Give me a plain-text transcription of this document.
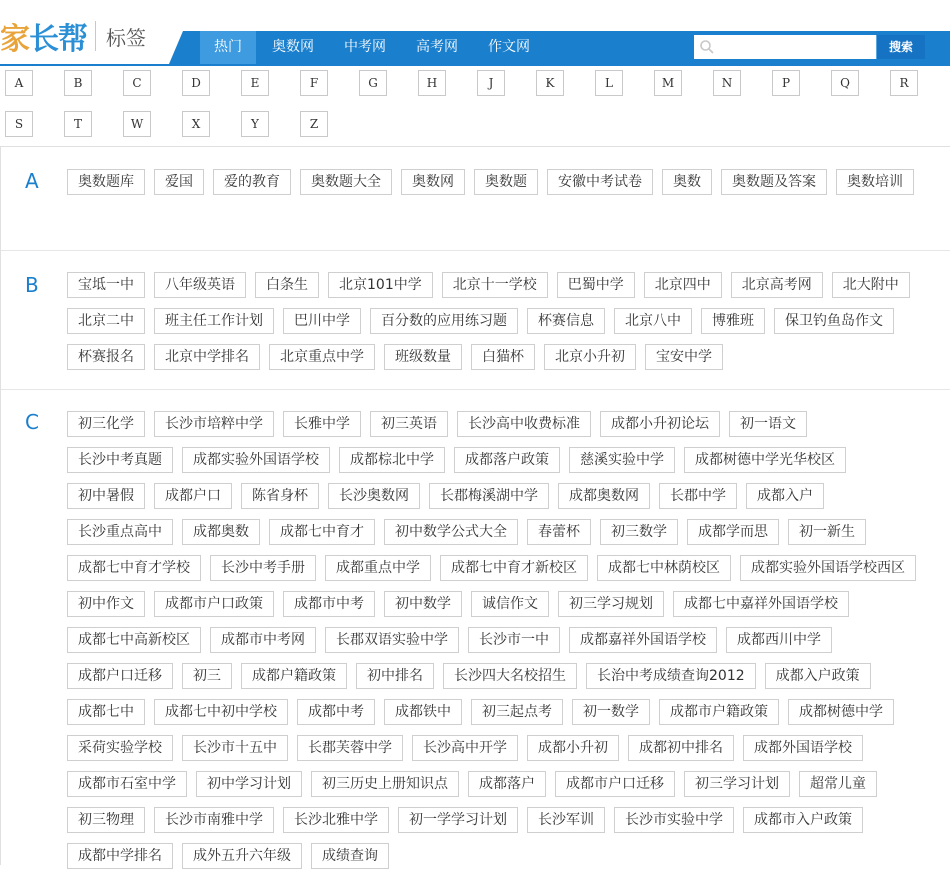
家长帮 标签	热门	奥数网	中考网	高考网	作文网	搜索
A	B	C	D	E	F	G	H	J	K	L	M	N	P	Q	R
S	T	W	X	Y	Z
A	奥数题库	爱国	爱的教育	奥数题大全	奥数网	奥数题	安徽中考试卷	奥数	奥数题及答案	奥数培训
B	宝坻一中	八年级英语	白条生	北京101中学	北京十一学校	巴蜀中学	北京四中	北京高考网	北大附中
北京二中	班主任工作计划	巴川中学	百分数的应用练习题	杯赛信息	北京八中	博雅班	保卫钓鱼岛作文
杯赛报名	北京中学排名	北京重点中学	班级数量	白猫杯	北京小升初	宝安中学
C	初三化学	长沙市培粹中学	长雅中学	初三英语	长沙高中收费标准	成都小升初论坛	初一语文
长沙中考真题	成都实验外国语学校	成都棕北中学	成都落户政策	慈溪实验中学	成都树德中学光华校区
初中暑假	成都户口	陈省身杯	长沙奥数网	长郡梅溪湖中学	成都奥数网	长郡中学	成都入户
长沙重点高中	成都奥数	成都七中育才	初中数学公式大全	春蕾杯	初三数学	成都学而思	初一新生
成都七中育才学校	长沙中考手册	成都重点中学	成都七中育才新校区	成都七中林荫校区	成都实验外国语学校西区
初中作文	成都市户口政策	成都市中考	初中数学	诚信作文	初三学习规划	成都七中嘉祥外国语学校
成都七中高新校区	成都市中考网	长郡双语实验中学	长沙市一中	成都嘉祥外国语学校	成都西川中学
成都户口迁移	初三	成都户籍政策	初中排名	长沙四大名校招生	长治中考成绩查询2012	成都入户政策
成都七中	成都七中初中学校	成都中考	成都铁中	初三起点考	初一数学	成都市户籍政策	成都树德中学
采荷实验学校	长沙市十五中	长郡芙蓉中学	长沙高中开学	成都小升初	成都初中排名	成都外国语学校
成都市石室中学	初中学习计划	初三历史上册知识点	成都落户	成都市户口迁移	初三学习计划	超常儿童
初三物理	长沙市南雅中学	长沙北雅中学	初一学学习计划	长沙军训	长沙市实验中学	成都市入户政策
成都中学排名	成外五升六年级	成绩查询
